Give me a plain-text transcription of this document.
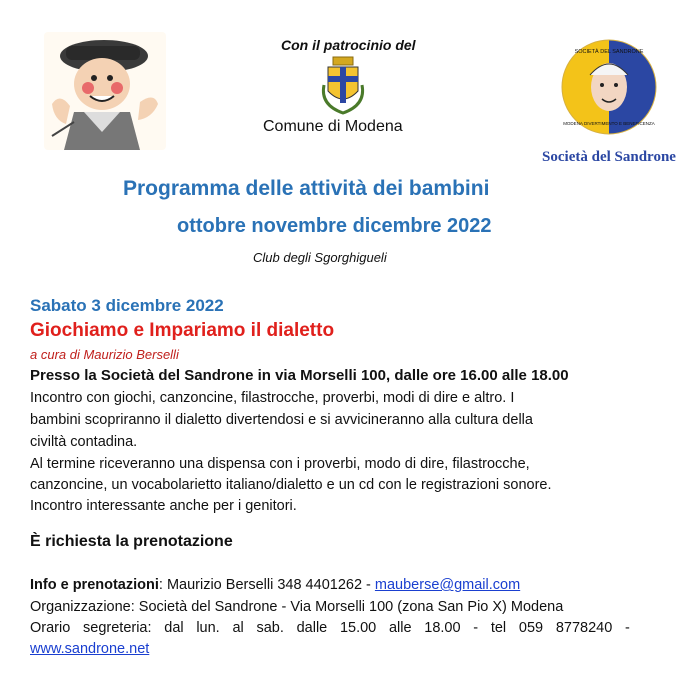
Con il patrocinio del
Comune di Modena
SOCIETÀ DEL SANDRONE
MODENA DIVERTIMENTO E BENEFICENZA
Società del Sandrone
Programma delle attività dei bambini
ottobre novembre dicembre 2022
Club degli Sgorghigueli
Sabato 3 dicembre 2022
Giochiamo e Impariamo il dialetto
a cura di Maurizio Berselli
Presso la Società del Sandrone in via Morselli 100, dalle ore 16.00 alle 18.00
Incontro con giochi, canzoncine, filastrocche, proverbi, modi di dire e altro. I
bambini scopriranno il dialetto divertendosi e si avvicineranno alla cultura della
civiltà contadina.
Al termine riceveranno una dispensa con i proverbi, modo di dire, filastrocche,
canzoncine, un vocabolarietto italiano/dialetto e un cd con le registrazioni sonore.
Incontro interessante anche per i genitori.
È richiesta la prenotazione
Info e prenotazioni: Maurizio Berselli 348 4401262 - mauberse@gmail.com
Organizzazione: Società del Sandrone - Via Morselli 100 (zona San Pio X) Modena
Orario segreteria: dal lun. al sab. dalle 15.00 alle 18.00 - tel 059 8778240 -
www.sandrone.net
